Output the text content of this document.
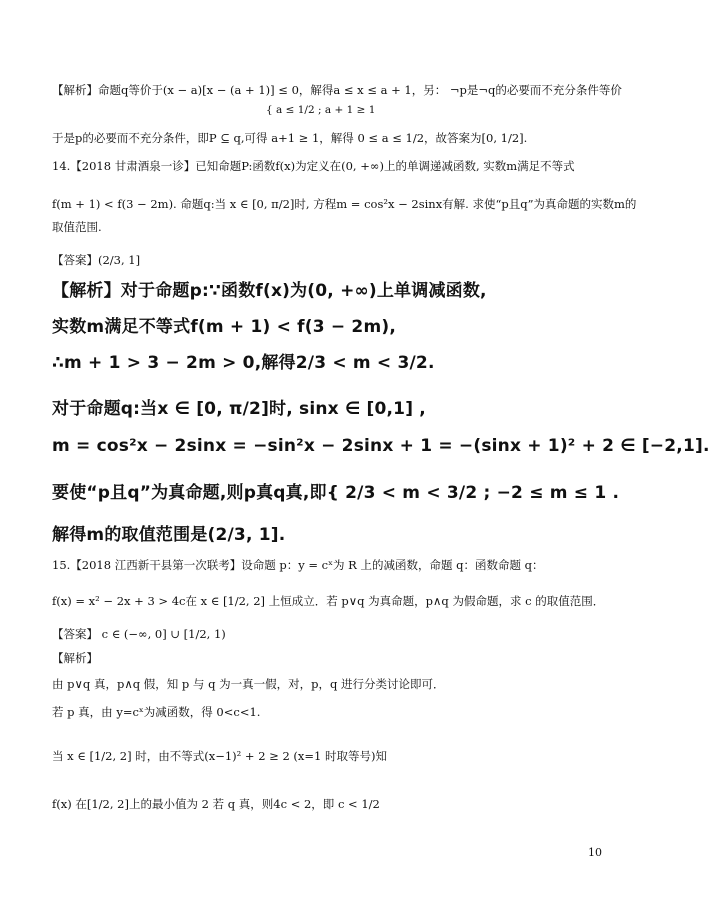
【解析】命题q等价于(x − a)[x − (a + 1)] ≤ 0，解得a ≤ x ≤ a + 1，另： ¬p是¬q的必要而不充分条件等价
{ a ≤ 1/2 ; a + 1 ≥ 1
于是p的必要而不充分条件，即P ⊆ q,可得 a+1 ≥ 1，解得 0 ≤ a ≤ 1/2，故答案为[0, 1/2].
14.【2018 甘肃酒泉一诊】已知命题P:函数f(x)为定义在(0, +∞)上的单调递减函数, 实数m满足不等式
f(m + 1) < f(3 − 2m). 命题q:当 x ∈ [0, π/2]时, 方程m = cos²x − 2sinx有解. 求使“p且q”为真命题的实数m的
取值范围.
【答案】(2/3, 1]
【解析】对于命题p:∵函数f(x)为(0, +∞)上单调减函数,
实数m满足不等式f(m + 1) < f(3 − 2m),
∴m + 1 > 3 − 2m > 0,解得2/3 < m < 3/2.
对于命题q:当x ∈ [0, π/2]时, sinx ∈ [0,1] ,
m = cos²x − 2sinx = −sin²x − 2sinx + 1 = −(sinx + 1)² + 2 ∈ [−2,1].
要使“p且q”为真命题,则p真q真,即{ 2/3 < m < 3/2 ; −2 ≤ m ≤ 1 .
解得m的取值范围是(2/3, 1].
15.【2018 江西新干县第一次联考】设命题 p：y = cˣ为 R 上的减函数，命题 q：函数命题 q：
f(x) = x² − 2x + 3 > 4c在 x ∈ [1/2, 2] 上恒成立．若 p∨q 为真命题，p∧q 为假命题，求 c 的取值范围．
【答案】 c ∈ (−∞, 0] ∪ [1/2, 1)
【解析】
由 p∨q 真，p∧q 假，知 p 与 q 为一真一假，对，p，q 进行分类讨论即可．
若 p 真，由 y=cˣ为减函数，得 0<c<1.
当 x ∈ [1/2, 2] 时，由不等式(x−1)² + 2 ≥ 2 (x=1 时取等号)知
f(x) 在[1/2, 2]上的最小值为 2 若 q 真，则4c < 2，即 c < 1/2
10
